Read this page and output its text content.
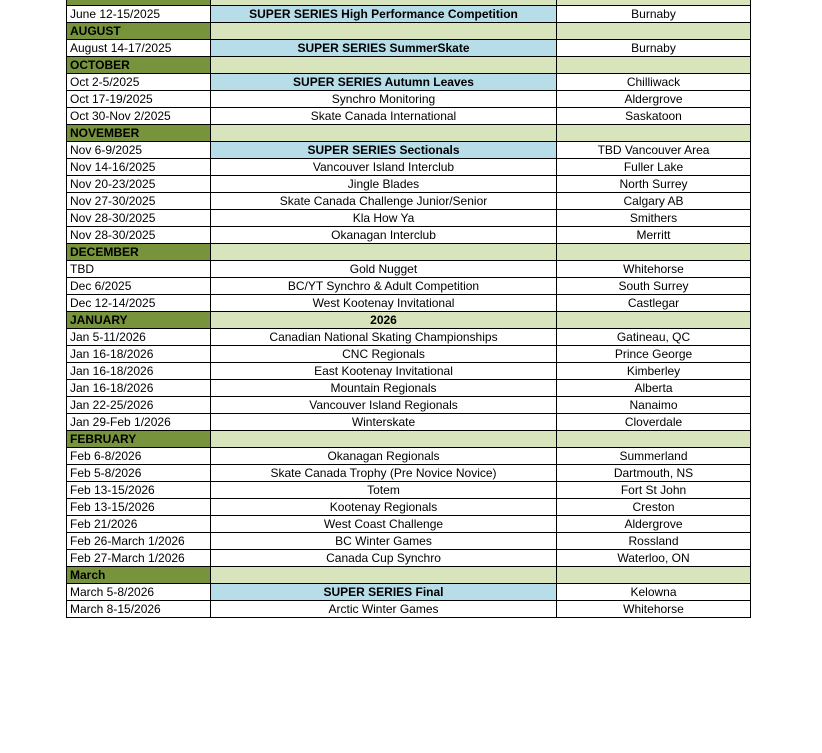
June 12-15/2025	SUPER SERIES High Performance Competition	Burnaby
AUGUST		
August 14-17/2025	SUPER SERIES SummerSkate	Burnaby
OCTOBER		
Oct 2-5/2025	SUPER SERIES Autumn Leaves	Chilliwack
Oct 17-19/2025	Synchro Monitoring	Aldergrove
Oct 30-Nov 2/2025	Skate Canada International	Saskatoon
NOVEMBER		
Nov 6-9/2025	SUPER SERIES Sectionals	TBD Vancouver Area
Nov 14-16/2025	Vancouver Island Interclub	Fuller Lake
Nov 20-23/2025	Jingle Blades	North Surrey
Nov 27-30/2025	Skate Canada Challenge Junior/Senior	Calgary AB
Nov 28-30/2025	Kla How Ya	Smithers
Nov 28-30/2025	Okanagan Interclub	Merritt
DECEMBER		
TBD	Gold Nugget	Whitehorse
Dec 6/2025	BC/YT Synchro & Adult Competition	South Surrey
Dec 12-14/2025	West Kootenay Invitational	Castlegar
JANUARY	2026	
Jan 5-11/2026	Canadian National Skating Championships	Gatineau, QC
Jan 16-18/2026	CNC Regionals	Prince George
Jan 16-18/2026	East Kootenay Invitational	Kimberley
Jan 16-18/2026	Mountain Regionals	Alberta
Jan 22-25/2026	Vancouver Island Regionals	Nanaimo
Jan 29-Feb 1/2026	Winterskate	Cloverdale
FEBRUARY		
Feb 6-8/2026	Okanagan Regionals	Summerland
Feb 5-8/2026	Skate Canada Trophy (Pre Novice Novice)	Dartmouth, NS
Feb 13-15/2026	Totem	Fort St John
Feb 13-15/2026	Kootenay Regionals	Creston
Feb 21/2026	West Coast Challenge	Aldergrove
Feb 26-March 1/2026	BC Winter Games	Rossland
Feb 27-March 1/2026	Canada Cup Synchro	Waterloo, ON
March		
March 5-8/2026	SUPER SERIES Final	Kelowna
March 8-15/2026	Arctic Winter Games	Whitehorse
